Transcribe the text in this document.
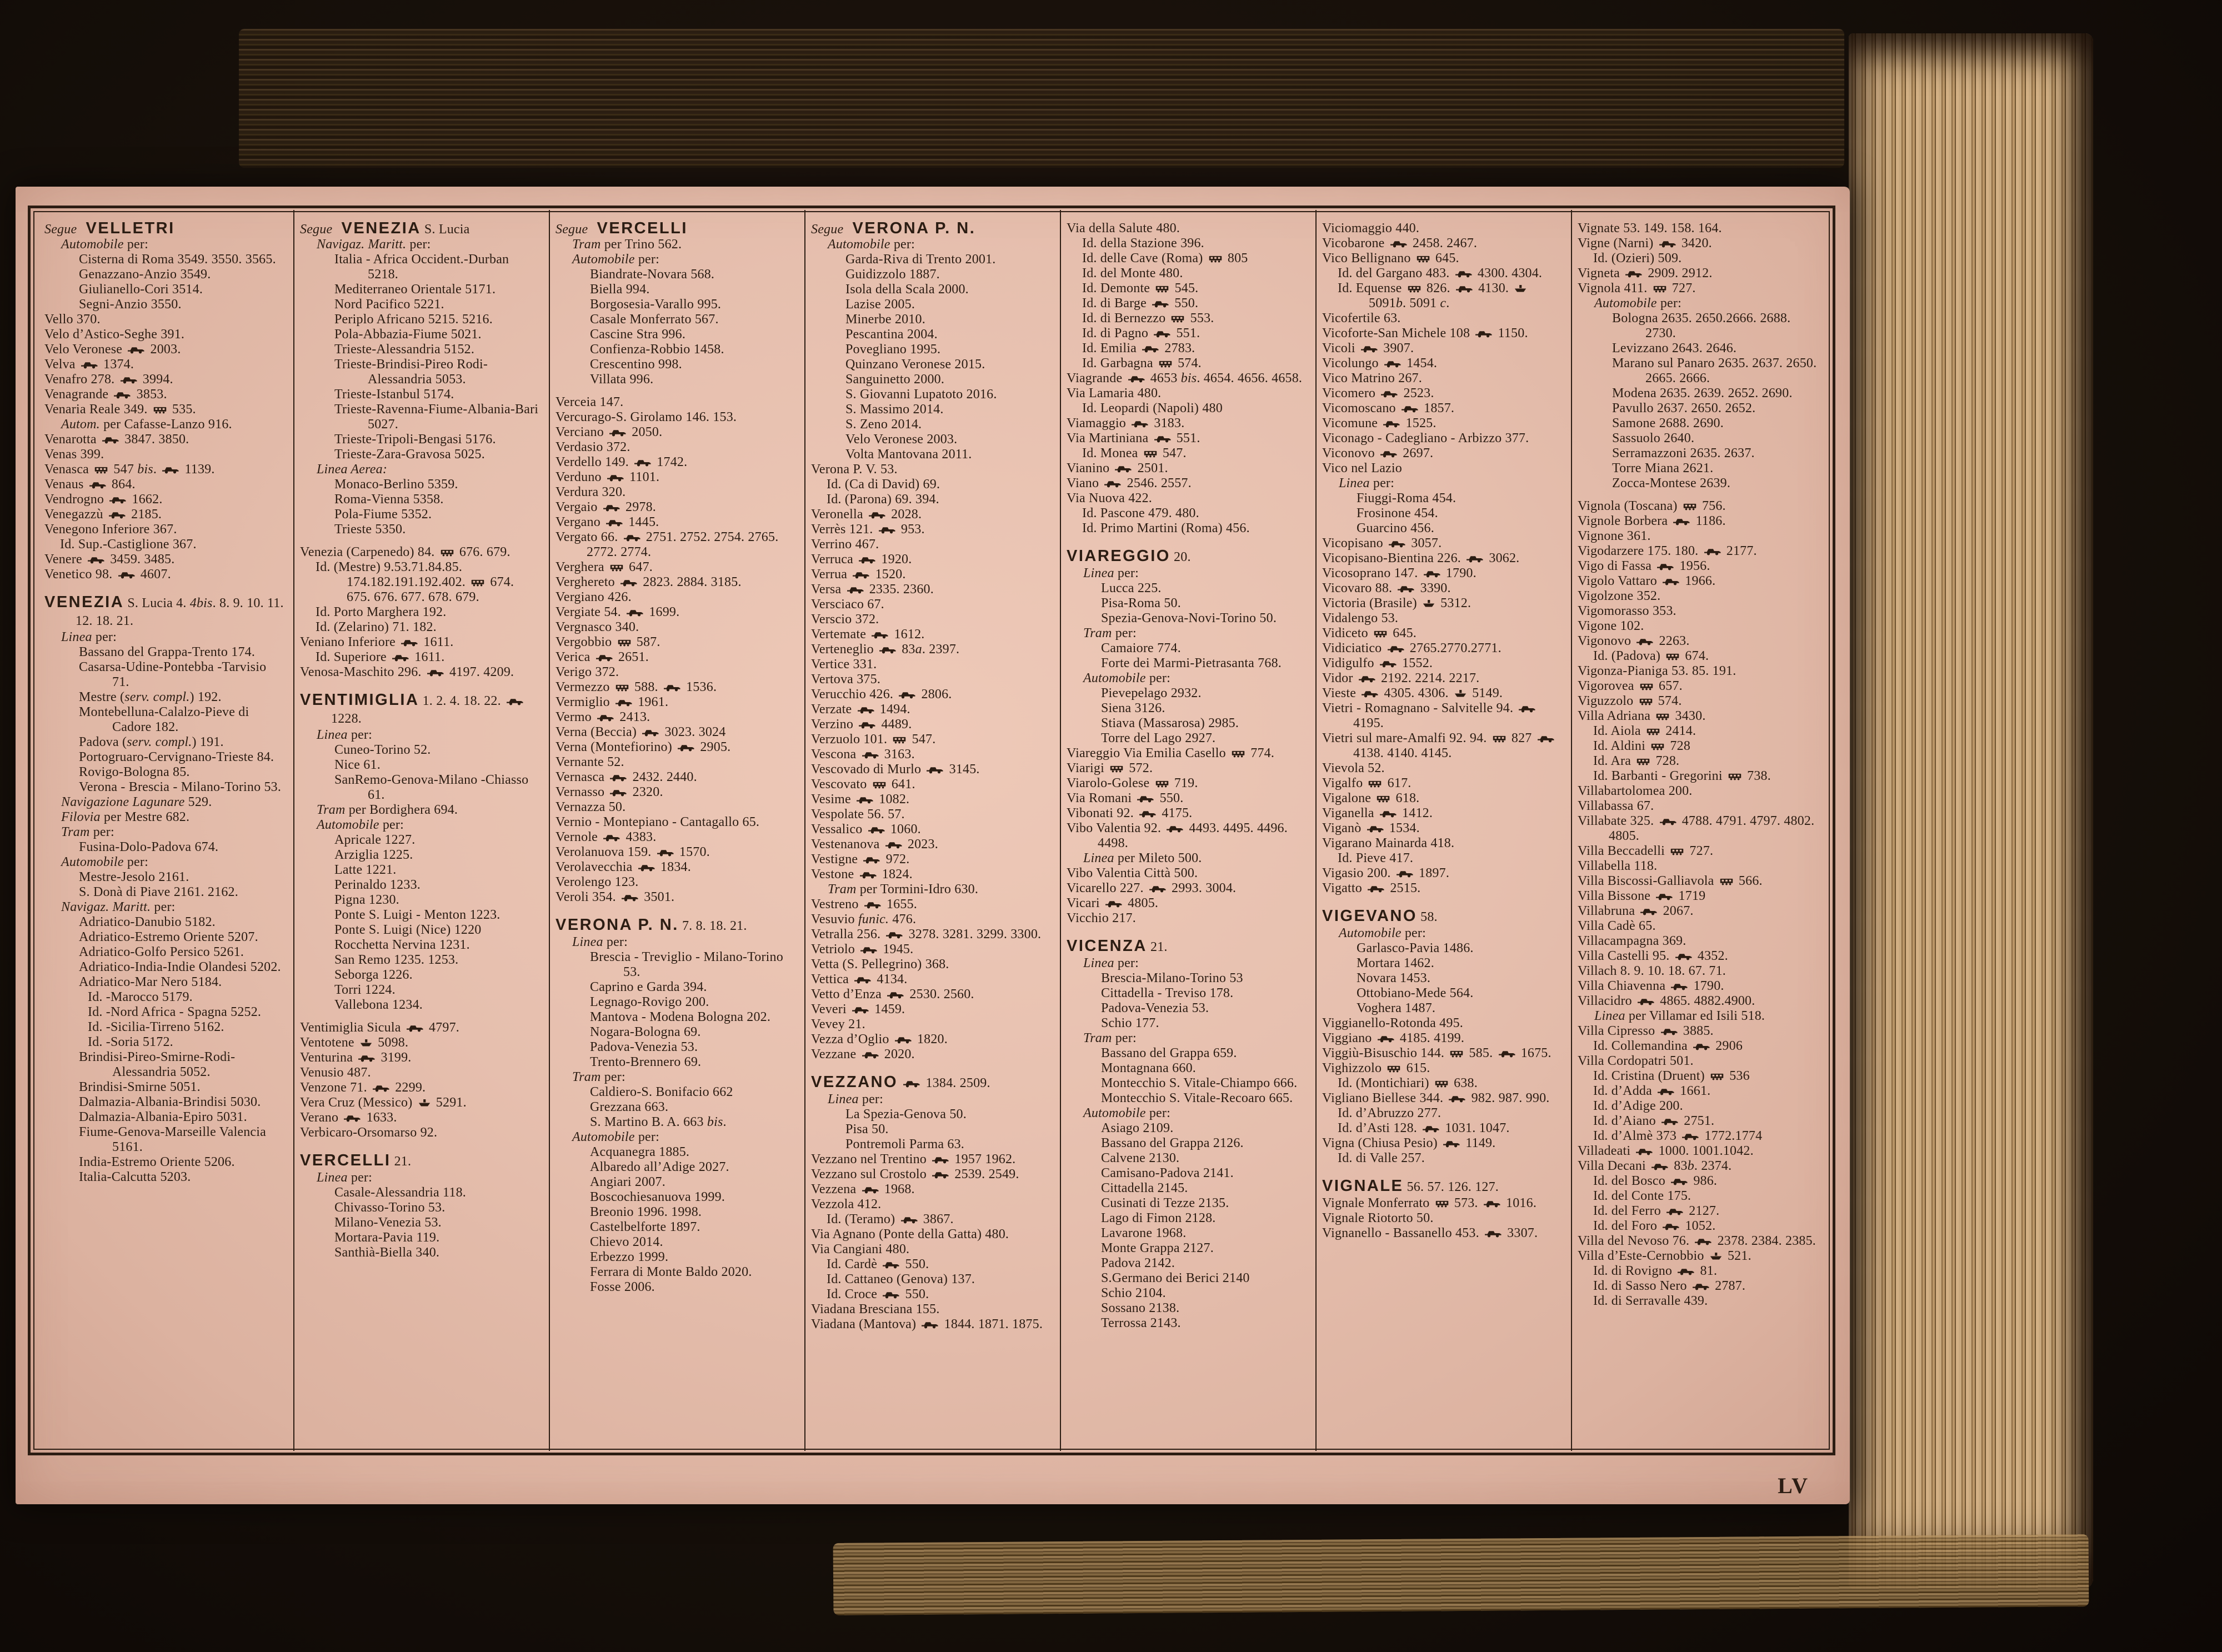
Segue VELLETRI
Automobile per:
Cisterna di Roma 3549. 3550. 3565.
Genazzano-Anzio 3549.
Giulianello-Cori 3514.
Segni-Anzio 3550.
Vello 370.
Velo d’Astico-Seghe 391.
Velo Veronese
2003.
Velva
1374.
Venafro 278.
3994.
Venagrande
3853.
Venaria Reale 349.
535.
Autom. per Cafasse-Lanzo 916.
Venarotta
3847. 3850.
Venas 399.
Venasca
547 bis.
1139.
Venaus
864.
Vendrogno
1662.
Venegazzù
2185.
Venegono Inferiore 367.
Id. Sup.-Castiglione 367.
Venere
3459. 3485.
Venetico 98.
4607.
VENEZIA S. Lucia 4. 4bis. 8. 9. 10. 11. 12. 18. 21.
Linea per:
Bassano del Grappa-Trento 174.
Casarsa-Udine-Pontebba -Tarvisio 71.
Mestre (serv. compl.) 192.
Montebelluna-Calalzo-Pieve di Cadore 182.
Padova (serv. compl.) 191.
Portogruaro-Cervignano-Trieste 84.
Rovigo-Bologna 85.
Verona - Brescia - Milano-Torino 53.
Navigazione Lagunare 529.
Filovia per Mestre 682.
Tram per:
Fusina-Dolo-Padova 674.
Automobile per:
Mestre-Jesolo 2161.
S. Donà di Piave 2161. 2162.
Navigaz. Maritt. per:
Adriatico-Danubio 5182.
Adriatico-Estremo Oriente 5207.
Adriatico-Golfo Persico 5261.
Adriatico-India-Indie Olandesi 5202.
Adriatico-Mar Nero 5184.
Id. -Marocco 5179.
Id. -Nord Africa - Spagna 5252.
Id. -Sicilia-Tirreno 5162.
Id. -Soria 5172.
Brindisi-Pireo-Smirne-Rodi-Alessandria 5052.
Brindisi-Smirne 5051.
Dalmazia-Albania-Brindisi 5030.
Dalmazia-Albania-Epiro 5031.
Fiume-Genova-Marseille Valencia 5161.
India-Estremo Oriente 5206.
Italia-Calcutta 5203.
Segue VENEZIA S. Lucia
Navigaz. Maritt. per:
Italia - Africa Occident.-Durban 5218.
Mediterraneo Orientale 5171.
Nord Pacifico 5221.
Periplo Africano 5215. 5216.
Pola-Abbazia-Fiume 5021.
Trieste-Alessandria 5152.
Trieste-Brindisi-Pireo Rodi-Alessandria 5053.
Trieste-Istanbul 5174.
Trieste-Ravenna-Fiume-Albania-Bari 5027.
Trieste-Tripoli-Bengasi 5176.
Trieste-Zara-Gravosa 5025.
Linea Aerea:
Monaco-Berlino 5359.
Roma-Vienna 5358.
Pola-Fiume 5352.
Trieste 5350.
Venezia (Carpenedo) 84.
676. 679.
Id. (Mestre) 9.53.71.84.85. 174.182.191.192.402.
674. 675. 676. 677. 678. 679.
Id. Porto Marghera 192.
Id. (Zelarino) 71. 182.
Veniano Inferiore
1611.
Id. Superiore
1611.
Venosa-Maschito 296.
4197. 4209.
VENTIMIGLIA 1. 2. 4. 18. 22.
1228.
Linea per:
Cuneo-Torino 52.
Nice 61.
SanRemo-Genova-Milano -Chiasso 61.
Tram per Bordighera 694.
Automobile per:
Apricale 1227.
Arziglia 1225.
Latte 1221.
Perinaldo 1233.
Pigna 1230.
Ponte S. Luigi - Menton 1223.
Ponte S. Luigi (Nice) 1220
Rocchetta Nervina 1231.
San Remo 1235. 1253.
Seborga 1226.
Torri 1224.
Vallebona 1234.
Ventimiglia Sicula
4797.
Ventotene
5098.
Venturina
3199.
Venusio 487.
Venzone 71.
2299.
Vera Cruz (Messico)
5291.
Verano
1633.
Verbicaro-Orsomarso 92.
VERCELLI 21.
Linea per:
Casale-Alessandria 118.
Chivasso-Torino 53.
Milano-Venezia 53.
Mortara-Pavia 119.
Santhià-Biella 340.
Segue VERCELLI
Tram per Trino 562.
Automobile per:
Biandrate-Novara 568.
Biella 994.
Borgosesia-Varallo 995.
Casale Monferrato 567.
Cascine Stra 996.
Confienza-Robbio 1458.
Crescentino 998.
Villata 996.
Verceia 147.
Vercurago-S. Girolamo 146. 153.
Verciano
2050.
Verdasio 372.
Verdello 149.
1742.
Verduno
1101.
Verdura 320.
Vergaio
2978.
Vergano
1445.
Vergato 66.
2751. 2752. 2754. 2765. 2772. 2774.
Verghera
647.
Verghereto
2823. 2884. 3185.
Vergiano 426.
Vergiate 54.
1699.
Vergnasco 340.
Vergobbio
587.
Verica
2651.
Verigo 372.
Vermezzo
588.
1536.
Vermiglio
1961.
Vermo
2413.
Verna (Beccia)
3023. 3024
Verna (Montefiorino)
2905.
Vernante 52.
Vernasca
2432. 2440.
Vernasso
2320.
Vernazza 50.
Vernio - Montepiano - Cantagallo 65.
Vernole
4383.
Verolanuova 159.
1570.
Verolavecchia
1834.
Verolengo 123.
Veroli 354.
3501.
VERONA P. N. 7. 8. 18. 21.
Linea per:
Brescia - Treviglio - Milano-Torino 53.
Caprino e Garda 394.
Legnago-Rovigo 200.
Mantova - Modena Bologna 202.
Nogara-Bologna 69.
Padova-Venezia 53.
Trento-Brennero 69.
Tram per:
Caldiero-S. Bonifacio 662
Grezzana 663.
S. Martino B. A. 663 bis.
Automobile per:
Acquanegra 1885.
Albaredo all’Adige 2027.
Angiari 2007.
Boscochiesanuova 1999.
Breonio 1996. 1998.
Castelbelforte 1897.
Chievo 2014.
Erbezzo 1999.
Ferrara di Monte Baldo 2020.
Fosse 2006.
Segue VERONA P. N.
Automobile per:
Garda-Riva di Trento 2001.
Guidizzolo 1887.
Isola della Scala 2000.
Lazise 2005.
Minerbe 2010.
Pescantina 2004.
Povegliano 1995.
Quinzano Veronese 2015.
Sanguinetto 2000.
S. Giovanni Lupatoto 2016.
S. Massimo 2014.
S. Zeno 2014.
Velo Veronese 2003.
Volta Mantovana 2011.
Verona P. V. 53.
Id. (Ca di David) 69.
Id. (Parona) 69. 394.
Veronella
2028.
Verrès 121.
953.
Verrino 467.
Verruca
1920.
Verrua
1520.
Versa
2335. 2360.
Versciaco 67.
Verscio 372.
Vertemate
1612.
Verteneglio
83a. 2397.
Vertice 331.
Vertova 375.
Verucchio 426.
2806.
Verzate
1494.
Verzino
4489.
Verzuolo 101.
547.
Vescona
3163.
Vescovado di Murlo
3145.
Vescovato
641.
Vesime
1082.
Vespolate 56. 57.
Vessalico
1060.
Vestenanova
2023.
Vestigne
972.
Vestone
1824.
Tram per Tormini-Idro 630.
Vestreno
1655.
Vesuvio funic. 476.
Vetralla 256.
3278. 3281. 3299. 3300.
Vetriolo
1945.
Vetta (S. Pellegrino) 368.
Vettica
4134.
Vetto d’Enza
2530. 2560.
Veveri
1459.
Vevey 21.
Vezza d’Oglio
1820.
Vezzane
2020.
VEZZANO
1384. 2509.
Linea per:
La Spezia-Genova 50.
Pisa 50.
Pontremoli Parma 63.
Vezzano nel Trentino
1957 1962.
Vezzano sul Crostolo
2539. 2549.
Vezzena
1968.
Vezzola 412.
Id. (Teramo)
3867.
Via Agnano (Ponte della Gatta) 480.
Via Cangiani 480.
Id. Cardè
550.
Id. Cattaneo (Genova) 137.
Id. Croce
550.
Viadana Bresciana 155.
Viadana (Mantova)
1844. 1871. 1875.
Via della Salute 480.
Id. della Stazione 396.
Id. delle Cave (Roma)
805
Id. del Monte 480.
Id. Demonte
545.
Id. di Barge
550.
Id. di Bernezzo
553.
Id. di Pagno
551.
Id. Emilia
2783.
Id. Garbagna
574.
Viagrande
4653 bis. 4654. 4656. 4658.
Via Lamaria 480.
Id. Leopardi (Napoli) 480
Viamaggio
3183.
Via Martiniana
551.
Id. Monea
547.
Vianino
2501.
Viano
2546. 2557.
Via Nuova 422.
Id. Pascone 479. 480.
Id. Primo Martini (Roma) 456.
VIAREGGIO 20.
Linea per:
Lucca 225.
Pisa-Roma 50.
Spezia-Genova-Novi-Torino 50.
Tram per:
Camaiore 774.
Forte dei Marmi-Pietrasanta 768.
Automobile per:
Pievepelago 2932.
Siena 3126.
Stiava (Massarosa) 2985.
Torre del Lago 2927.
Viareggio Via Emilia Casello
774.
Viarigi
572.
Viarolo-Golese
719.
Via Romani
550.
Vibonati 92.
4175.
Vibo Valentia 92.
4493. 4495. 4496. 4498.
Linea per Mileto 500.
Vibo Valentia Città 500.
Vicarello 227.
2993. 3004.
Vicari
4805.
Vicchio 217.
VICENZA 21.
Linea per:
Brescia-Milano-Torino 53
Cittadella - Treviso 178.
Padova-Venezia 53.
Schio 177.
Tram per:
Bassano del Grappa 659.
Montagnana 660.
Montecchio S. Vitale-Chiampo 666.
Montecchio S. Vitale-Recoaro 665.
Automobile per:
Asiago 2109.
Bassano del Grappa 2126.
Calvene 2130.
Camisano-Padova 2141.
Cittadella 2145.
Cusinati di Tezze 2135.
Lago di Fimon 2128.
Lavarone 1968.
Monte Grappa 2127.
Padova 2142.
S.Germano dei Berici 2140
Schio 2104.
Sossano 2138.
Terrossa 2143.
Viciomaggio 440.
Vicobarone
2458. 2467.
Vico Bellignano
645.
Id. del Gargano 483.
4300. 4304.
Id. Equense
826.
4130.
5091b. 5091 c.
Vicofertile 63.
Vicoforte-San Michele 108
1150.
Vicoli
3907.
Vicolungo
1454.
Vico Matrino 267.
Vicomero
2523.
Vicomoscano
1857.
Vicomune
1525.
Viconago - Cadegliano - Arbizzo 377.
Viconovo
2697.
Vico nel Lazio
Linea per:
Fiuggi-Roma 454.
Frosinone 454.
Guarcino 456.
Vicopisano
3057.
Vicopisano-Bientina 226.
3062.
Vicosoprano 147.
1790.
Vicovaro 88.
3390.
Victoria (Brasile)
5312.
Vidalengo 53.
Vidiceto
645.
Vidiciatico
2765.2770.2771.
Vidigulfo
1552.
Vidor
2192. 2214. 2217.
Vieste
4305. 4306.
5149.
Vietri - Romagnano - Salvitelle 94.
4195.
Vietri sul mare-Amalfi 92. 94.
827
4138. 4140. 4145.
Vievola 52.
Vigalfo
617.
Vigalone
618.
Viganella
1412.
Viganò
1534.
Vigarano Mainarda 418.
Id. Pieve 417.
Vigasio 200.
1897.
Vigatto
2515.
VIGEVANO 58.
Automobile per:
Garlasco-Pavia 1486.
Mortara 1462.
Novara 1453.
Ottobiano-Mede 564.
Voghera 1487.
Viggianello-Rotonda 495.
Viggiano
4185. 4199.
Viggiù-Bisuschio 144.
585.
1675.
Vighizzolo
615.
Id. (Montichiari)
638.
Vigliano Biellese 344.
982. 987. 990.
Id. d’Abruzzo 277.
Id. d’Asti 128.
1031. 1047.
Vigna (Chiusa Pesio)
1149.
Id. di Valle 257.
VIGNALE 56. 57. 126. 127.
Vignale Monferrato
573.
1016.
Vignale Riotorto 50.
Vignanello - Bassanello 453.
3307.
Vignate 53. 149. 158. 164.
Vigne (Narni)
3420.
Id. (Ozieri) 509.
Vigneta
2909. 2912.
Vignola 411.
727.
Automobile per:
Bologna 2635. 2650.2666. 2688. 2730.
Levizzano 2643. 2646.
Marano sul Panaro 2635. 2637. 2650. 2665. 2666.
Modena 2635. 2639. 2652. 2690.
Pavullo 2637. 2650. 2652.
Samone 2688. 2690.
Sassuolo 2640.
Serramazzoni 2635. 2637.
Torre Miana 2621.
Zocca-Montese 2639.
Vignola (Toscana)
756.
Vignole Borbera
1186.
Vignone 361.
Vigodarzere 175. 180.
2177.
Vigo di Fassa
1956.
Vigolo Vattaro
1966.
Vigolzone 352.
Vigomorasso 353.
Vigone 102.
Vigonovo
2263.
Id. (Padova)
674.
Vigonza-Pianiga 53. 85. 191.
Vigorovea
657.
Viguzzolo
574.
Villa Adriana
3430.
Id. Aiola
2414.
Id. Aldini
728
Id. Ara
728.
Id. Barbanti - Gregorini
738.
Villabartolomea 200.
Villabassa 67.
Villabate 325.
4788. 4791. 4797. 4802. 4805.
Villa Beccadelli
727.
Villabella 118.
Villa Biscossi-Galliavola
566.
Villa Bissone
1719
Villabruna
2067.
Villa Cadè 65.
Villacampagna 369.
Villa Castelli 95.
4352.
Villach 8. 9. 10. 18. 67. 71.
Villa Chiavenna
1790.
Villacidro
4865. 4882.4900.
Linea per Villamar ed Isili 518.
Villa Cipresso
3885.
Id. Collemandina
2906
Villa Cordopatri 501.
Id. Cristina (Druent)
536
Id. d’Adda
1661.
Id. d’Adige 200.
Id. d’Aiano
2751.
Id. d’Almè 373
1772.1774
Villadeati
1000. 1001.1042.
Villa Decani
83b. 2374.
Id. del Bosco
986.
Id. del Conte 175.
Id. del Ferro
2127.
Id. del Foro
1052.
Villa del Nevoso 76.
2378. 2384. 2385.
Villa d’Este-Cernobbio
521.
Id. di Rovigno
81.
Id. di Sasso Nero
2787.
Id. di Serravalle 439.
LV
